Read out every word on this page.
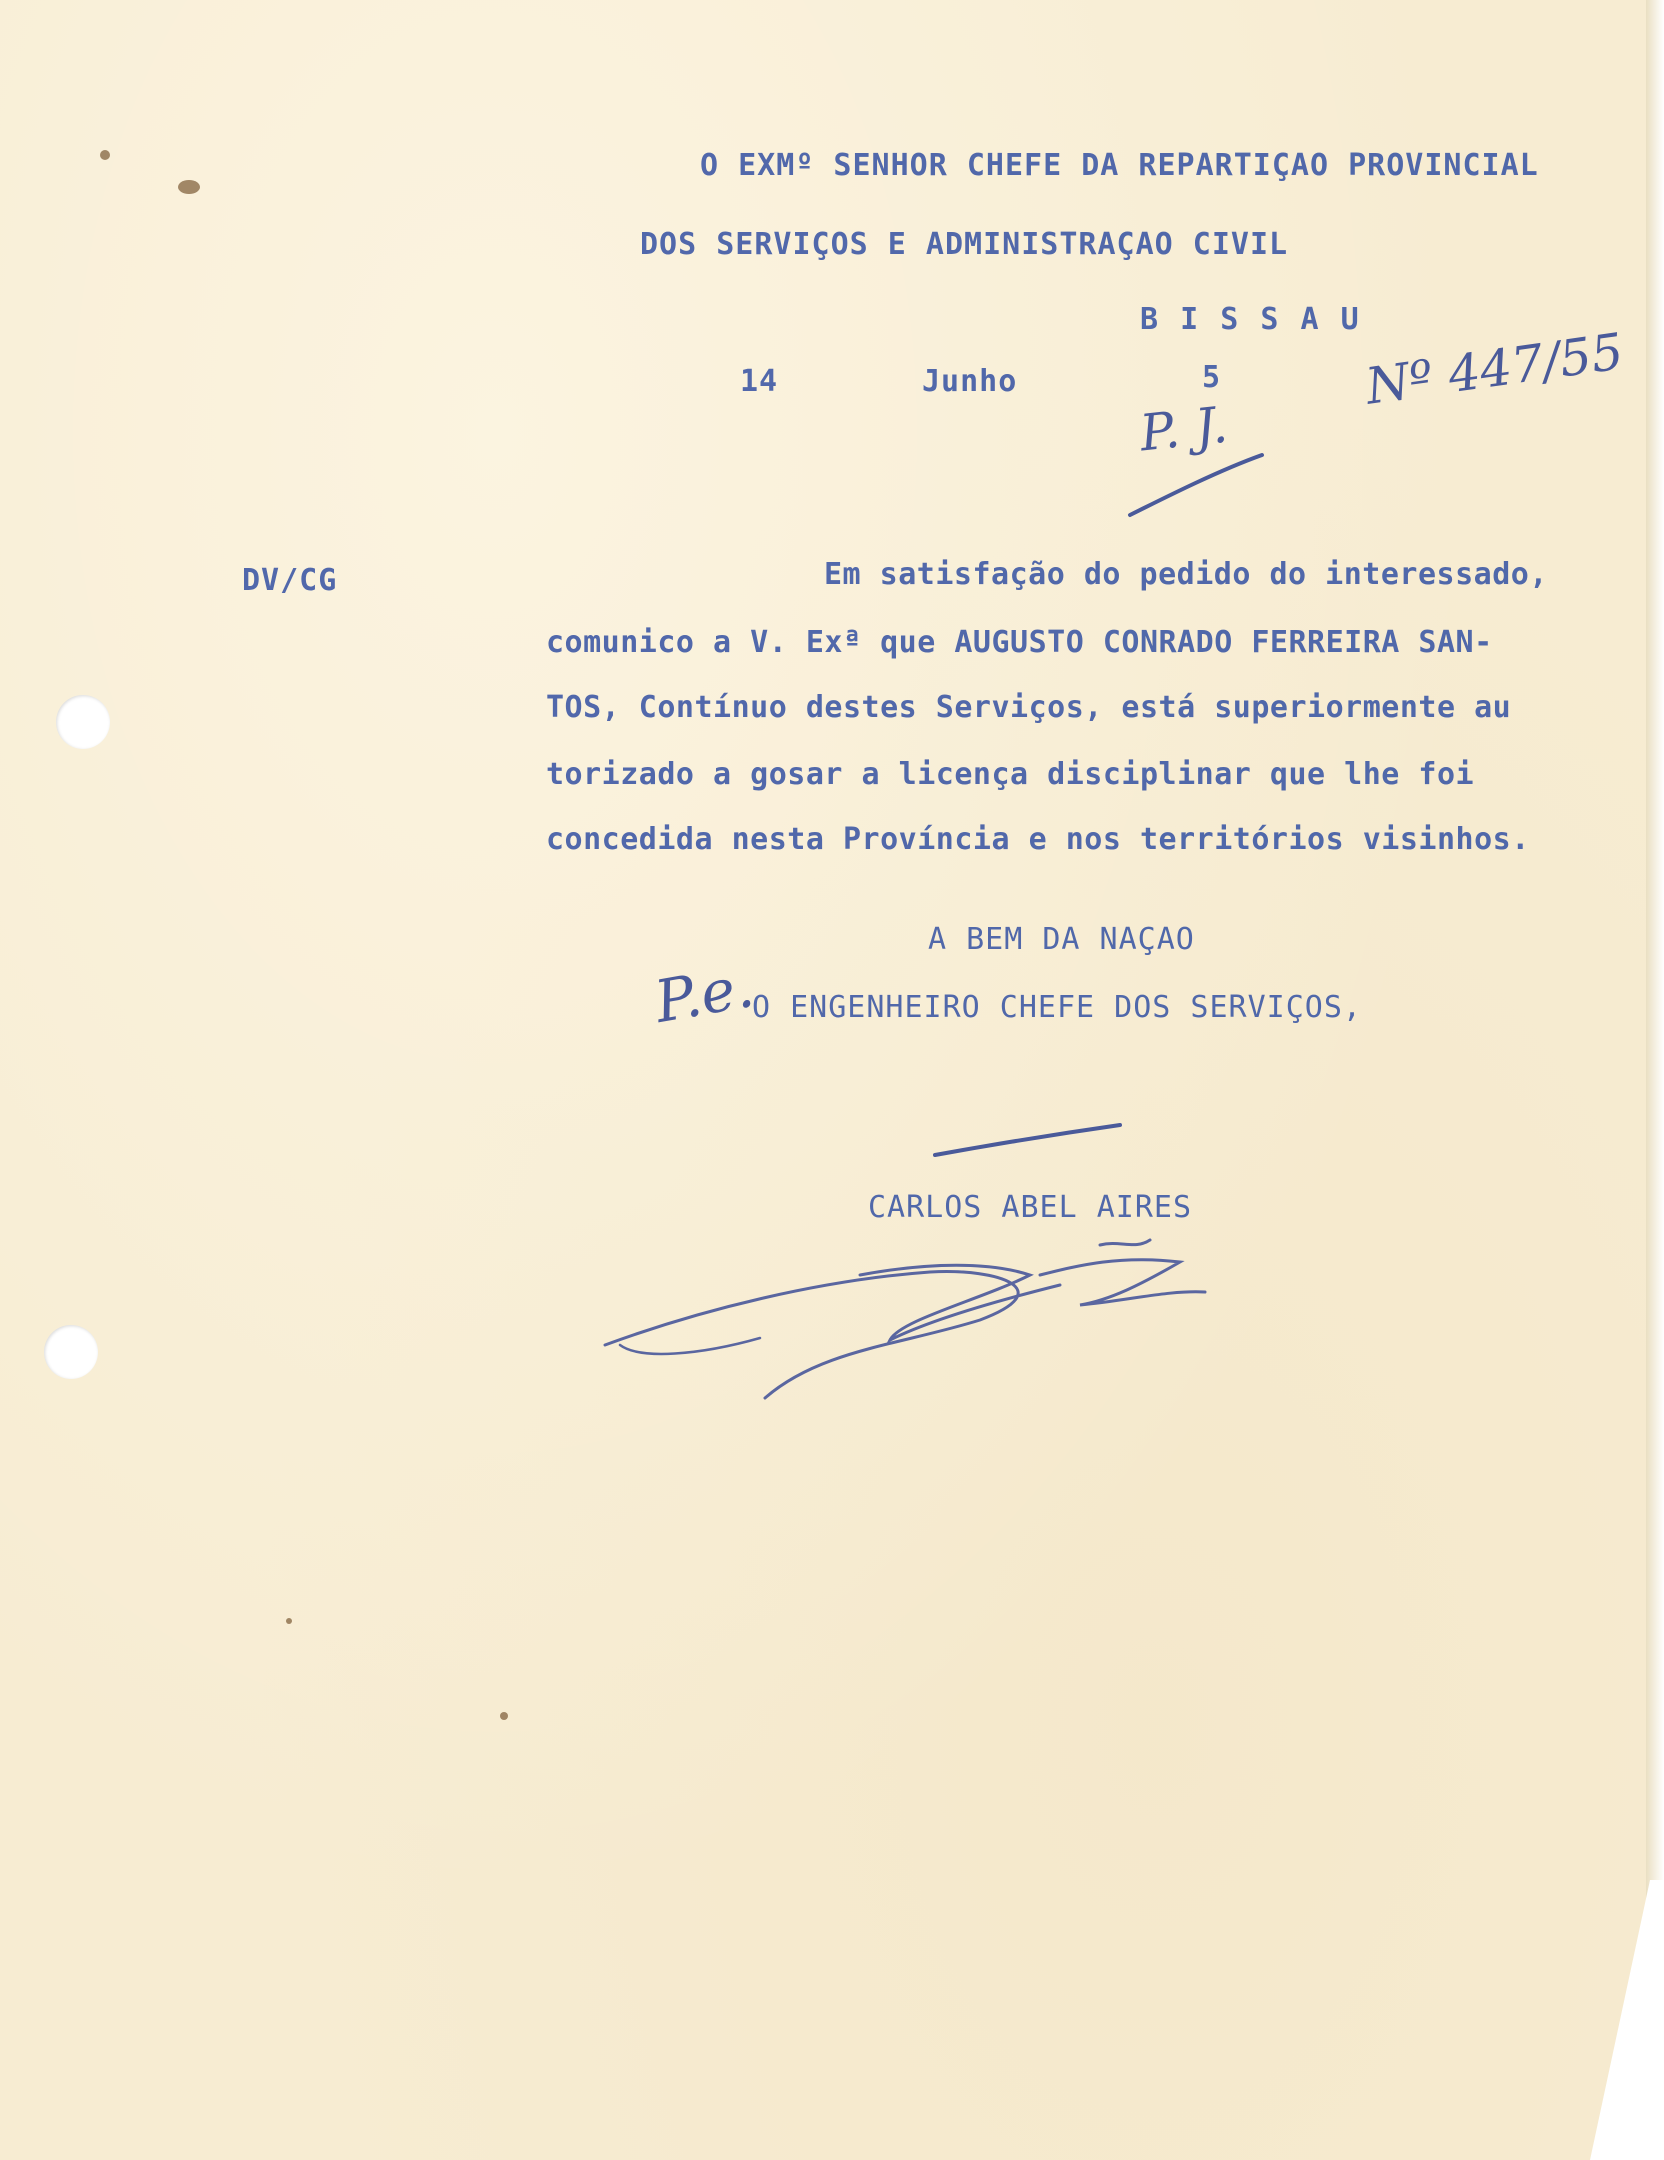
O EXMº SENHOR CHEFE DA REPARTIÇAO PROVINCIAL
DOS SERVIÇOS E ADMINISTRAÇAO CIVIL
B I S S A U
14	Junho	5	Nº 447/55
P. J.
DV/CG	Em satisfação do pedido do interessado,
comunico a V. Exª que AUGUSTO CONRADO FERREIRA SAN-
TOS, Contínuo destes Serviços, está superiormente au
torizado a gosar a licença disciplinar que lhe foi
concedida nesta Província e nos territórios visinhos.
A BEM DA NAÇAO
P.e.
O ENGENHEIRO CHEFE DOS SERVIÇOS,
CARLOS ABEL AIRES
